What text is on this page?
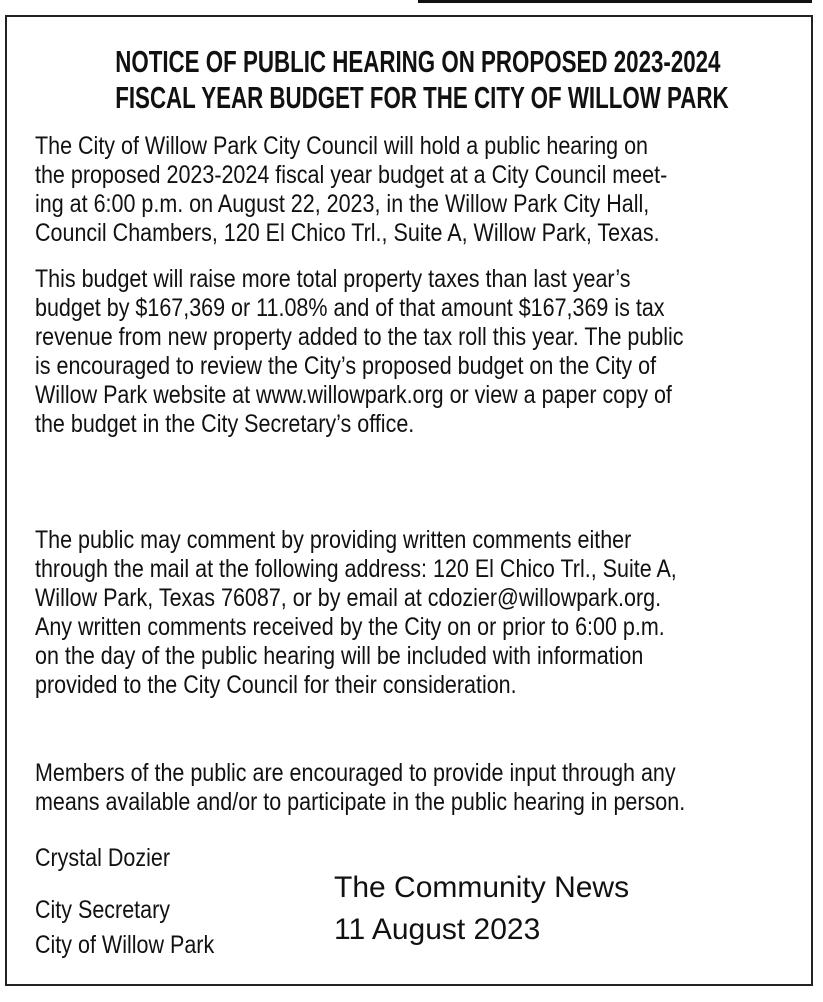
NOTICE OF PUBLIC HEARING ON PROPOSED 2023-2024
FISCAL YEAR BUDGET FOR THE CITY OF WILLOW PARK
The City of Willow Park City Council will hold a public hearing on
the proposed 2023-2024 fiscal year budget at a City Council meet-
ing at 6:00 p.m. on August 22, 2023, in the Willow Park City Hall,
Council Chambers, 120 El Chico Trl., Suite A, Willow Park, Texas.
This budget will raise more total property taxes than last year’s
budget by $167,369 or 11.08% and of that amount $167,369 is tax
revenue from new property added to the tax roll this year. The public
is encouraged to review the City’s proposed budget on the City of
Willow Park website at www.willowpark.org or view a paper copy of
the budget in the City Secretary’s office.
The public may comment by providing written comments either
through the mail at the following address: 120 El Chico Trl., Suite A,
Willow Park, Texas 76087, or by email at cdozier@willowpark.org.
Any written comments received by the City on or prior to 6:00 p.m.
on the day of the public hearing will be included with information
provided to the City Council for their consideration.
Members of the public are encouraged to provide input through any
means available and/or to participate in the public hearing in person.
Crystal Dozier
City Secretary
City of Willow Park
The Community News
11 August 2023
